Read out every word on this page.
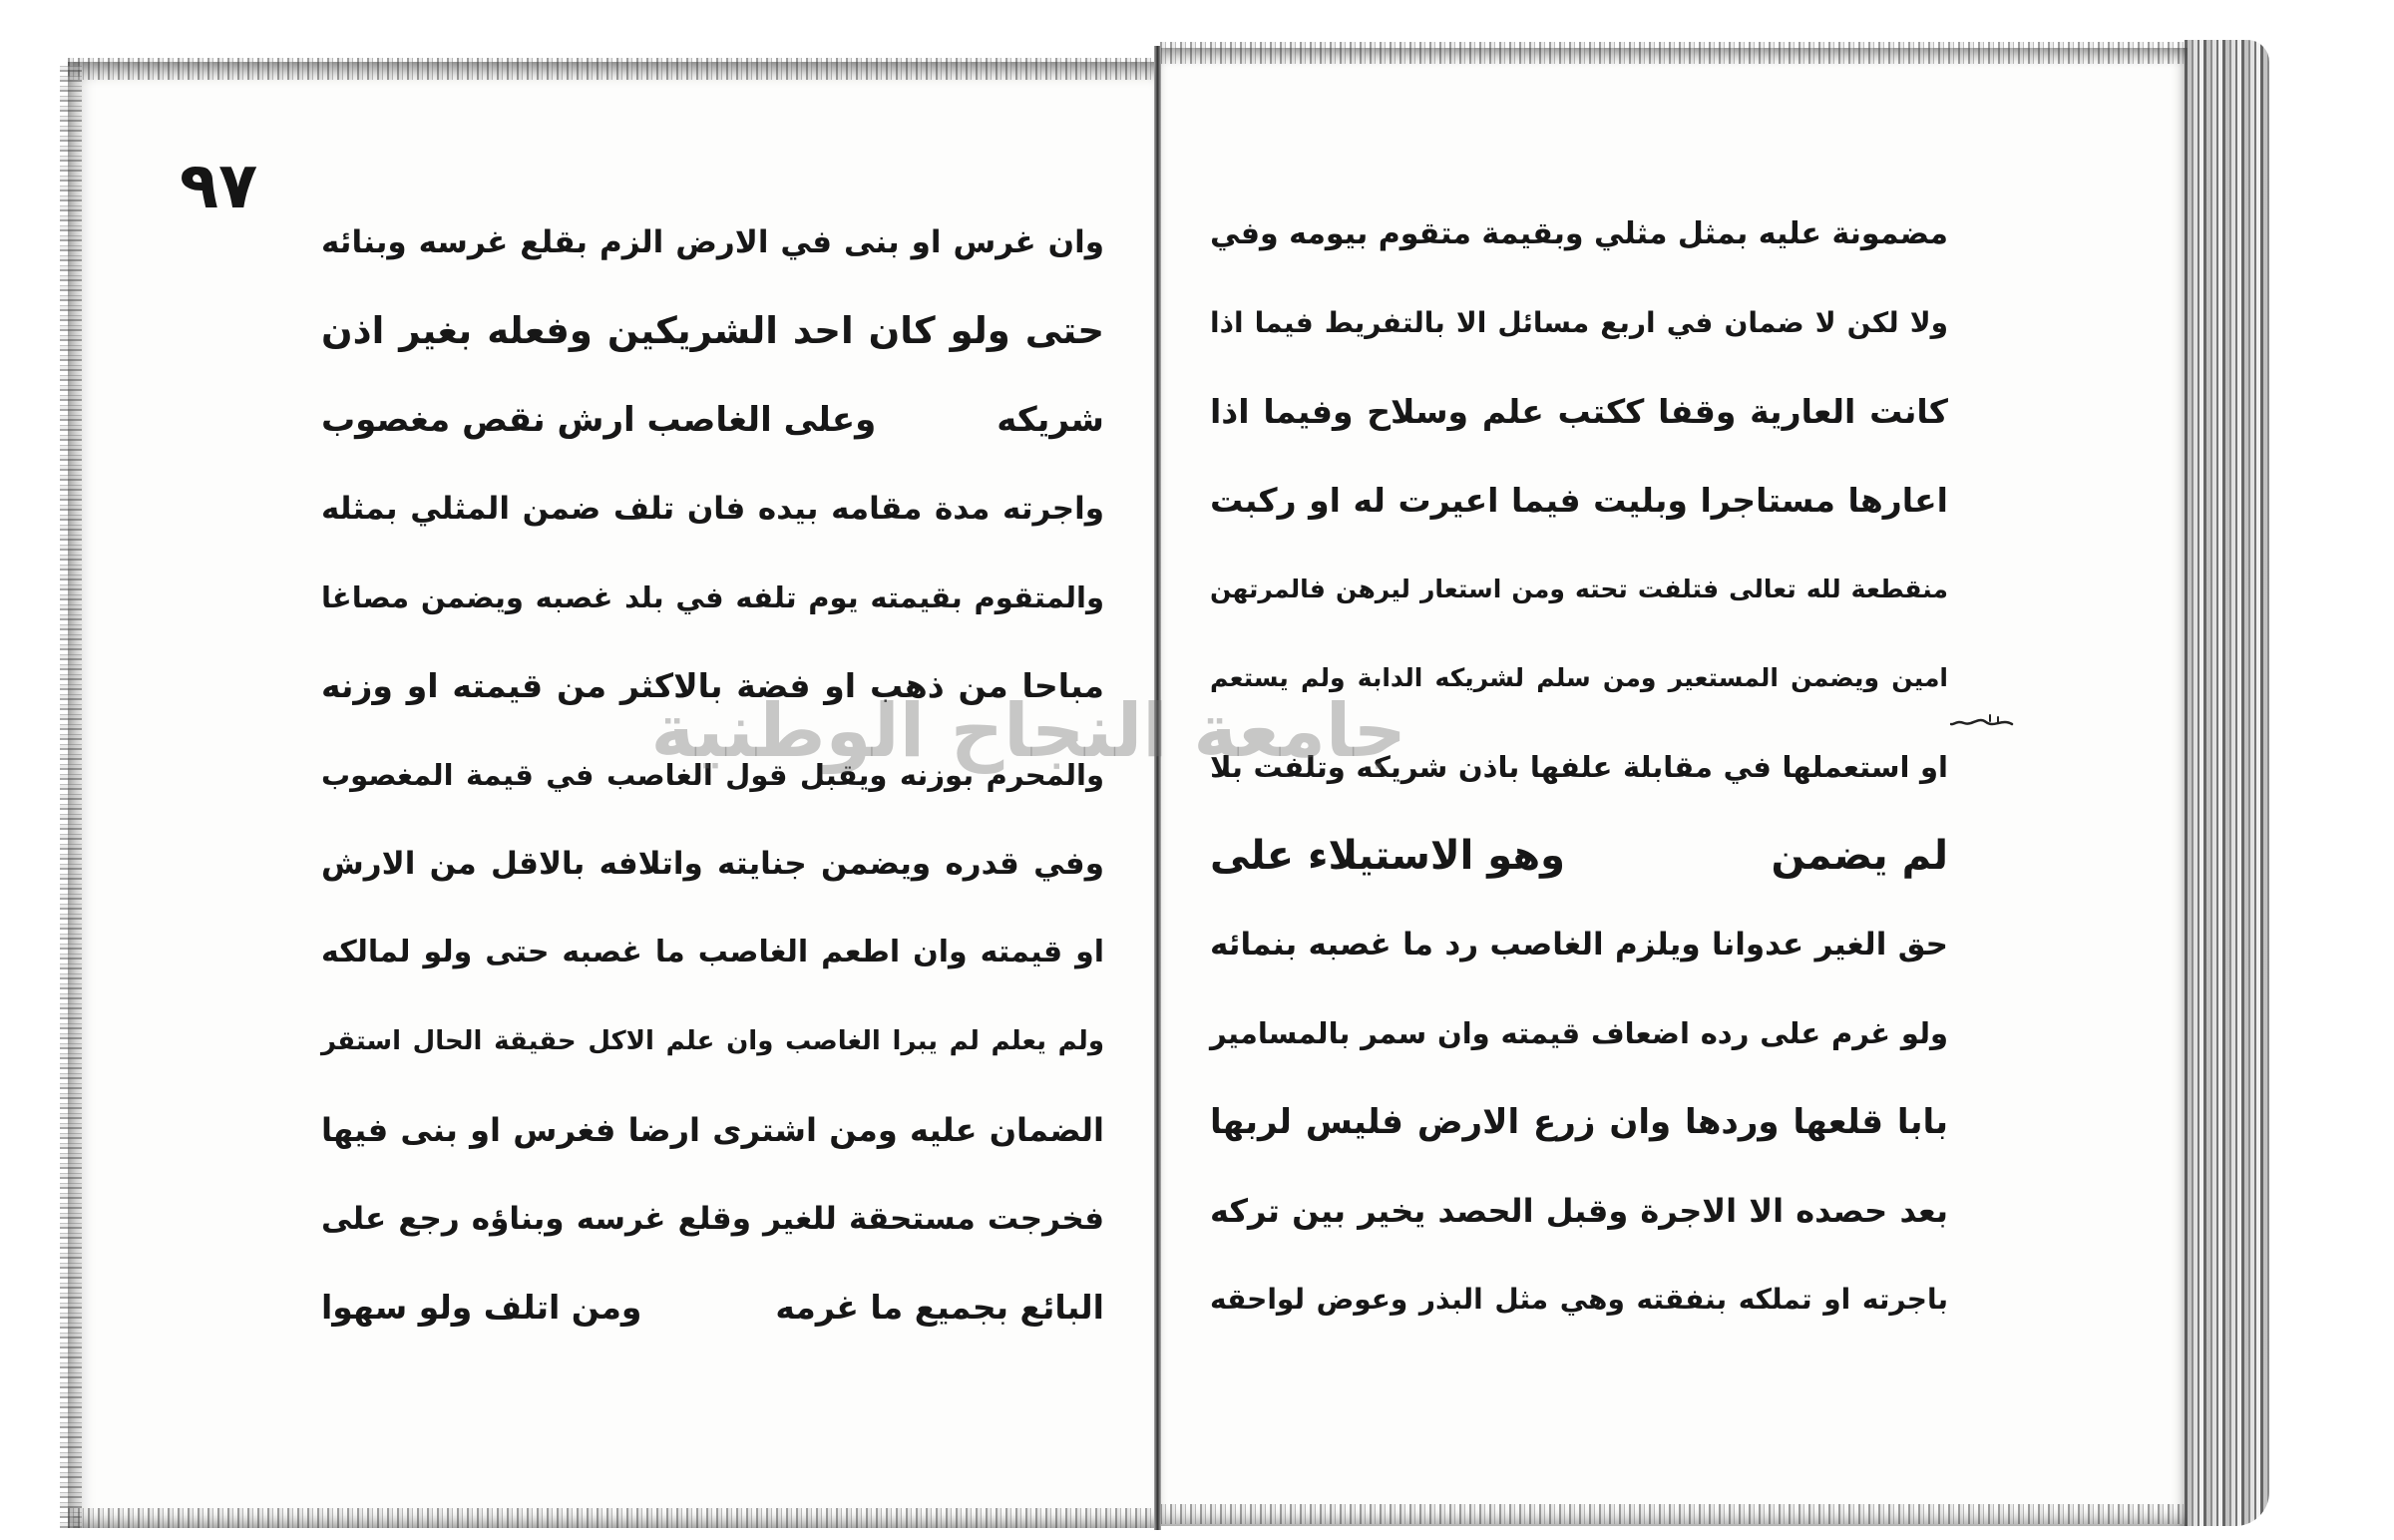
٩٧
وان غرس او بنى في الارض الزم بقلع غرسه وبنائه
حتى ولو كان احد الشريكين وفعله بغير اذن
شريكه
وعلى الغاصب ارش نقص مغصوب
واجرته مدة مقامه بيده فان تلف ضمن المثلي بمثله
والمتقوم بقيمته يوم تلفه في بلد غصبه ويضمن مصاغا
مباحا من ذهب او فضة بالاكثر من قيمته او وزنه
والمحرم بوزنه ويقبل قول الغاصب في قيمة المغصوب
وفي قدره ويضمن جنايته واتلافه بالاقل من الارش
او قيمته وان اطعم الغاصب ما غصبه حتى ولو لمالكه
ولم يعلم لم يبرا الغاصب وان علم الاكل حقيقة الحال استقر
الضمان عليه ومن اشترى ارضا فغرس او بنى فيها
فخرجت مستحقة للغير وقلع غرسه وبناؤه رجع على
البائع بجميع ما غرمه
ومن اتلف ولو سهوا
مضمونة عليه بمثل مثلي وبقيمة متقوم بيومه وفي
ولا لكن لا ضمان في اربع مسائل الا بالتفريط فيما اذا
كانت العارية وقفا ككتب علم وسلاح وفيما اذا
اعارها مستاجرا وبليت فيما اعيرت له او ركبت
منقطعة لله تعالى فتلفت تحته ومن استعار ليرهن فالمرتهن
امين ويضمن المستعير ومن سلم لشريكه الدابة ولم يستعم
او استعملها في مقابلة علفها باذن شريكه وتلفت بلا
لم يضمن
وهو الاستيلاء على
حق الغير عدوانا ويلزم الغاصب رد ما غصبه بنمائه
ولو غرم على رده اضعاف قيمته وان سمر بالمسامير
بابا قلعها وردها وان زرع الارض فليس لربها
بعد حصده الا الاجرة وقبل الحصد يخير بين تركه
باجرته او تملكه بنفقته وهي مثل البذر وعوض لواحقه
جامعة النجاح الوطنية
